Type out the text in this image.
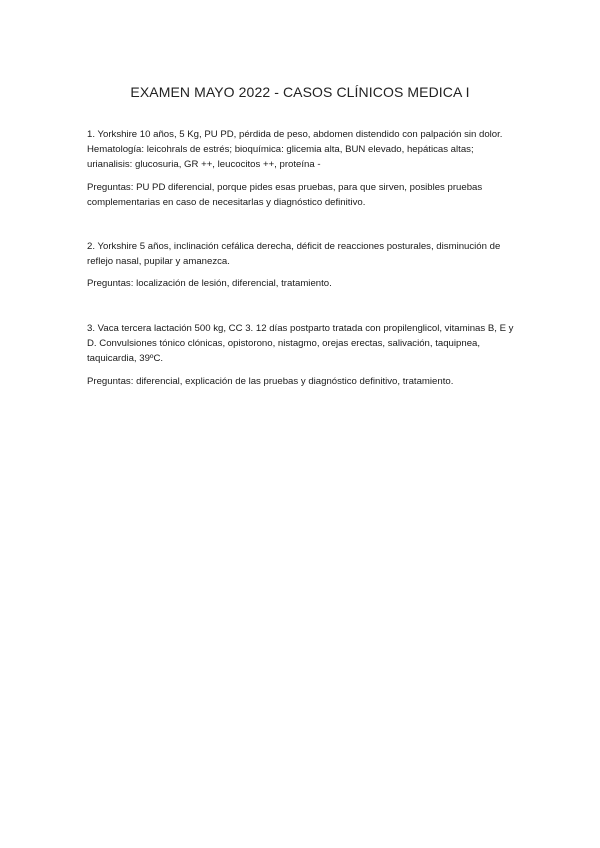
EXAMEN MAYO 2022 - CASOS CLÍNICOS MEDICA I

1. Yorkshire 10 años, 5 Kg, PU PD, pérdida de peso, abdomen distendido con palpación sin dolor. Hematología: leicohrals de estrés; bioquímica: glicemia alta, BUN elevado, hepáticas altas; urianalisis: glucosuria, GR ++, leucocitos ++, proteína -

Preguntas: PU PD diferencial, porque pides esas pruebas, para que sirven, posibles pruebas complementarias en caso de necesitarlas y diagnóstico definitivo.

2. Yorkshire 5 años, inclinación cefálica derecha, déficit de reacciones posturales, disminución de reflejo nasal, pupilar y amanezca.

Preguntas: localización de lesión, diferencial, tratamiento.

3. Vaca tercera lactación 500 kg, CC 3. 12 días postparto tratada con propilenglicol, vitaminas B, E y D. Convulsiones tónico clónicas, opistorono, nistagmo, orejas erectas, salivación, taquipnea, taquicardia, 39ºC.

Preguntas: diferencial, explicación de las pruebas y diagnóstico definitivo, tratamiento.
